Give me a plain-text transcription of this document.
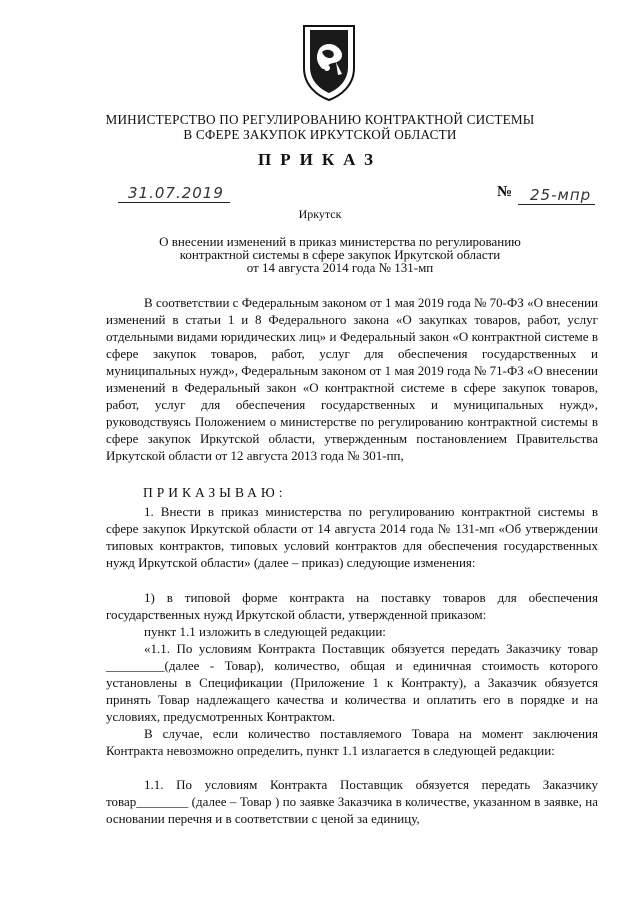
МИНИСТЕРСТВО ПО РЕГУЛИРОВАНИЮ КОНТРАКТНОЙ СИСТЕМЫ
В СФЕРЕ ЗАКУПОК ИРКУТСКОЙ ОБЛАСТИ
ПРИКАЗ
31.07.2019	№	25-мпр
Иркутск
О внесении изменений в приказ министерства по регулированию
контрактной системы в сфере закупок Иркутской области
от 14 августа 2014 года № 131-мп

В соответствии с Федеральным законом от 1 мая 2019 года № 70-ФЗ «О внесении изменений в статьи 1 и 8 Федерального закона «О закупках товаров, работ, услуг отдельными видами юридических лиц» и Федеральный закон «О контрактной системе в сфере закупок товаров, работ, услуг для обеспечения государственных и муниципальных нужд», Федеральным законом от 1 мая 2019 года № 71-ФЗ «О внесении изменений в Федеральный закон «О контрактной системе в сфере закупок товаров, работ, услуг для обеспечения государственных и муниципальных нужд», руководствуясь Положением о министерстве по регулированию контрактной системы в сфере закупок Иркутской области, утвержденным постановлением Правительства Иркутской области от 12 августа 2013 года № 301-пп,

ПРИКАЗЫВАЮ:

1. Внести в приказ министерства по регулированию контрактной системы в сфере закупок Иркутской области от 14 августа 2014 года № 131-мп «Об утверждении типовых контрактов, типовых условий контрактов для обеспечения государственных нужд Иркутской области» (далее – приказ) следующие изменения:

1) в типовой форме контракта на поставку товаров для обеспечения государственных нужд Иркутской области, утвержденной приказом:

пункт 1.1 изложить в следующей редакции:

«1.1. По условиям Контракта Поставщик обязуется передать Заказчику товар _________(далее - Товар), количество, общая и единичная стоимость которого установлены в Спецификации (Приложение 1 к Контракту), а Заказчик обязуется принять Товар надлежащего качества и количества и оплатить его в порядке и на условиях, предусмотренных Контрактом.

В случае, если количество поставляемого Товара на момент заключения Контракта невозможно определить, пункт 1.1 излагается в следующей редакции:

1.1. По условиям Контракта Поставщик обязуется передать Заказчику товар________ (далее – Товар ) по заявке Заказчика в количестве, указанном в заявке, на основании перечня и в соответствии с ценой за единицу,
